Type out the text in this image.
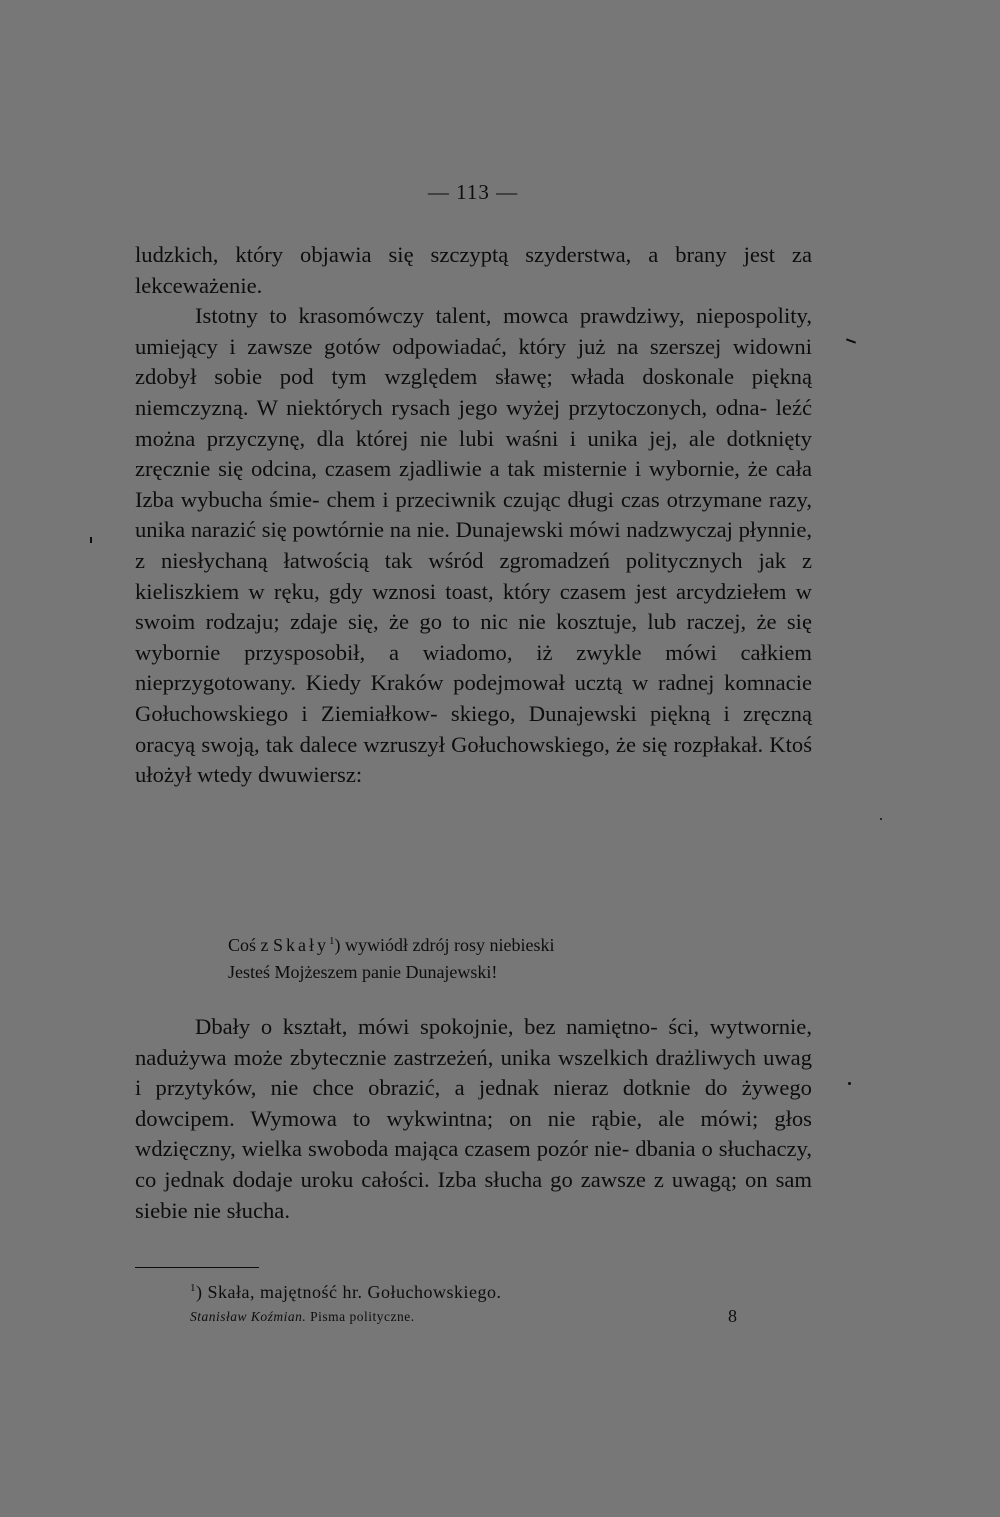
— 113 —

ludzkich, który objawia się szczyptą szyderstwa, a brany jest za lekceważenie.

Istotny to krasomówczy talent, mowca prawdziwy, niepospolity, umiejący i zawsze gotów odpowiadać, który już na szerszej widowni zdobył sobie pod tym względem sławę; włada doskonale piękną niemczyzną. W niektórych rysach jego wyżej przytoczonych, odna- leźć można przyczynę, dla której nie lubi waśni i unika jej, ale dotknięty zręcznie się odcina, czasem zjadliwie a tak misternie i wybornie, że cała Izba wybucha śmie- chem i przeciwnik czując długi czas otrzymane razy, unika narazić się powtórnie na nie. Dunajewski mówi nadzwyczaj płynnie, z niesłychaną łatwością tak wśród zgromadzeń politycznych jak z kieliszkiem w ręku, gdy wznosi toast, który czasem jest arcydziełem w swoim rodzaju; zdaje się, że go to nic nie kosztuje, lub raczej, że się wybornie przysposobił, a wiadomo, iż zwykle mówi całkiem nieprzygotowany. Kiedy Kraków podejmował ucztą w radnej komnacie Gołuchowskiego i Ziemiałkow- skiego, Dunajewski piękną i zręczną oracyą swoją, tak dalece wzruszył Gołuchowskiego, że się rozpłakał. Ktoś ułożył wtedy dwuwiersz:

Coś z Skały$^1$) wywiódł zdrój rosy niebieski
Jesteś Mojżeszem panie Dunajewski!

Dbały o kształt, mówi spokojnie, bez namiętno- ści, wytwornie, nadużywa może zbytecznie zastrzeżeń, unika wszelkich drażliwych uwag i przytyków, nie chce obrazić, a jednak nieraz dotknie do żywego dowcipem. Wymowa to wykwintna; on nie rąbie, ale mówi; głos wdzięczny, wielka swoboda mająca czasem pozór nie- dbania o słuchaczy, co jednak dodaje uroku całości. Izba słucha go zawsze z uwagą; on sam siebie nie słucha.

$^1$) Skała, majętność hr. Gołuchowskiego.
Stanisław Koźmian. Pisma polityczne.	8
